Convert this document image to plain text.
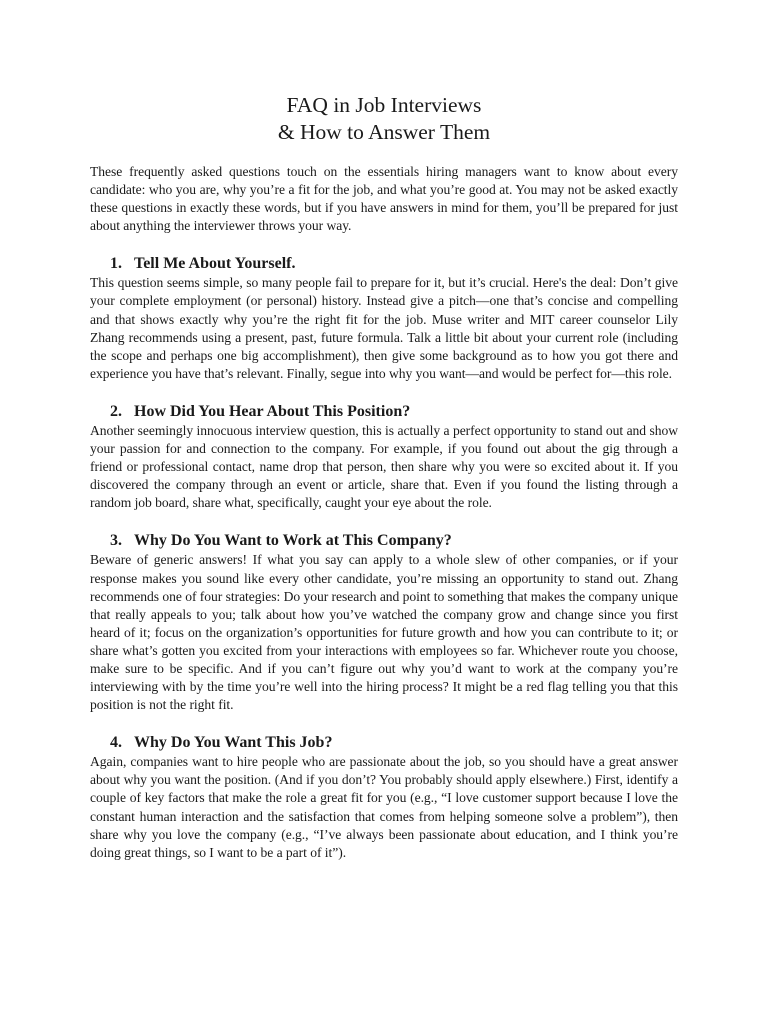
FAQ in Job Interviews
& How to Answer Them

These frequently asked questions touch on the essentials hiring managers want to know about every candidate: who you are, why you’re a fit for the job, and what you’re good at. You may not be asked exactly these questions in exactly these words, but if you have answers in mind for them, you’ll be prepared for just about anything the interviewer throws your way.

1. Tell Me About Yourself.

This question seems simple, so many people fail to prepare for it, but it’s crucial. Here's the deal: Don’t give your complete employment (or personal) history. Instead give a pitch—one that’s concise and compelling and that shows exactly why you’re the right fit for the job. Muse writer and MIT career counselor Lily Zhang recommends using a present, past, future formula. Talk a little bit about your current role (including the scope and perhaps one big accomplishment), then give some background as to how you got there and experience you have that’s relevant. Finally, segue into why you want—and would be perfect for—this role.

2. How Did You Hear About This Position?

Another seemingly innocuous interview question, this is actually a perfect opportunity to stand out and show your passion for and connection to the company. For example, if you found out about the gig through a friend or professional contact, name drop that person, then share why you were so excited about it. If you discovered the company through an event or article, share that. Even if you found the listing through a random job board, share what, specifically, caught your eye about the role.

3. Why Do You Want to Work at This Company?

Beware of generic answers! If what you say can apply to a whole slew of other companies, or if your response makes you sound like every other candidate, you’re missing an opportunity to stand out. Zhang recommends one of four strategies: Do your research and point to something that makes the company unique that really appeals to you; talk about how you’ve watched the company grow and change since you first heard of it; focus on the organization’s opportunities for future growth and how you can contribute to it; or share what’s gotten you excited from your interactions with employees so far. Whichever route you choose, make sure to be specific. And if you can’t figure out why you’d want to work at the company you’re interviewing with by the time you’re well into the hiring process? It might be a red flag telling you that this position is not the right fit.

4. Why Do You Want This Job?

Again, companies want to hire people who are passionate about the job, so you should have a great answer about why you want the position. (And if you don’t? You probably should apply elsewhere.) First, identify a couple of key factors that make the role a great fit for you (e.g., “I love customer support because I love the constant human interaction and the satisfaction that comes from helping someone solve a problem”), then share why you love the company (e.g., “I’ve always been passionate about education, and I think you’re doing great things, so I want to be a part of it”).
